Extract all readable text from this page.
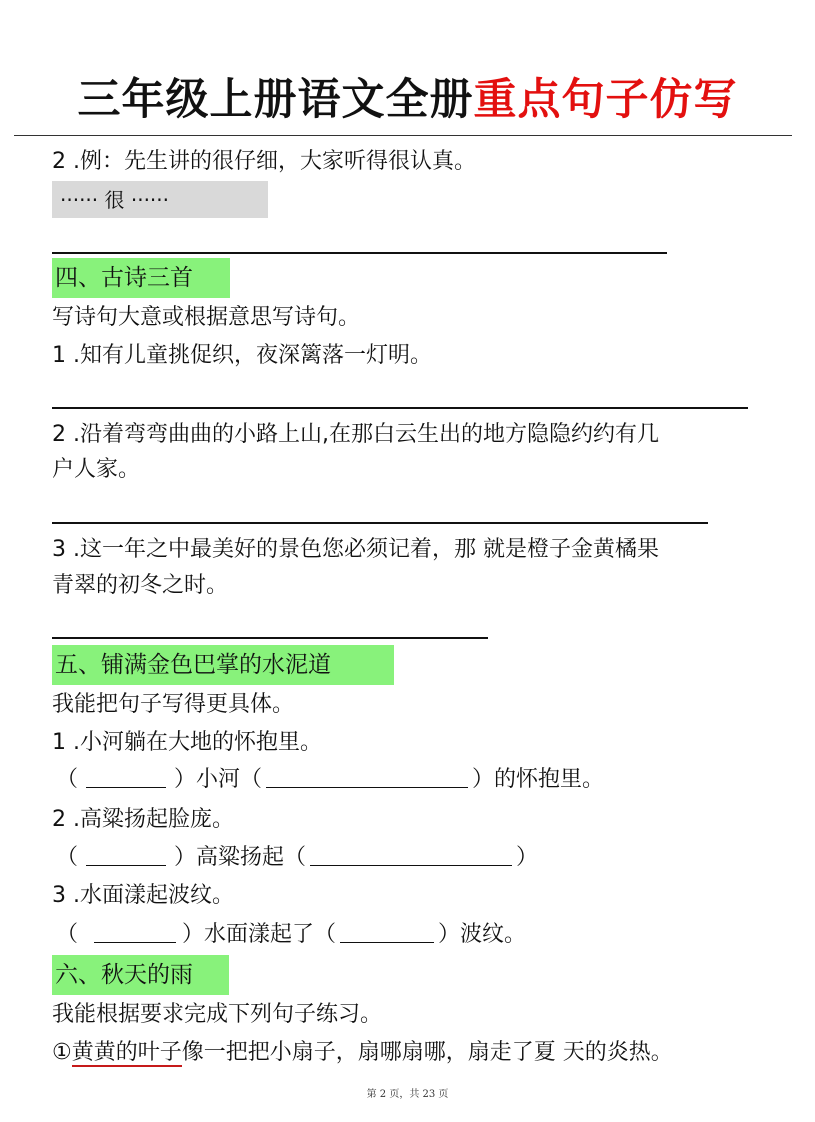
三年级上册语文全册重点句子仿写
2 .例：先生讲的很仔细，大家听得很认真。
······ 很 ······
四、古诗三首
写诗句大意或根据意思写诗句。
1 .知有儿童挑促织，夜深篱落一灯明。
2 .沿着弯弯曲曲的小路上山,在那白云生出的地方隐隐约约有几
户人家。
3 .这一年之中最美好的景色您必须记着，那 就是橙子金黄橘果
青翠的初冬之时。
五、铺满金色巴掌的水泥道
我能把句子写得更具体。
1 .小河躺在大地的怀抱里。
（	）小河（	）的怀抱里。
2 .高粱扬起脸庞。
（	）高粱扬起（	）
3 .水面漾起波纹。
（	）水面漾起了（	）波纹。
六、秋天的雨
我能根据要求完成下列句子练习。
①黄黄的叶子像一把把小扇子，扇哪扇哪，扇走了夏 天的炎热。
第 2 页，共 23 页
